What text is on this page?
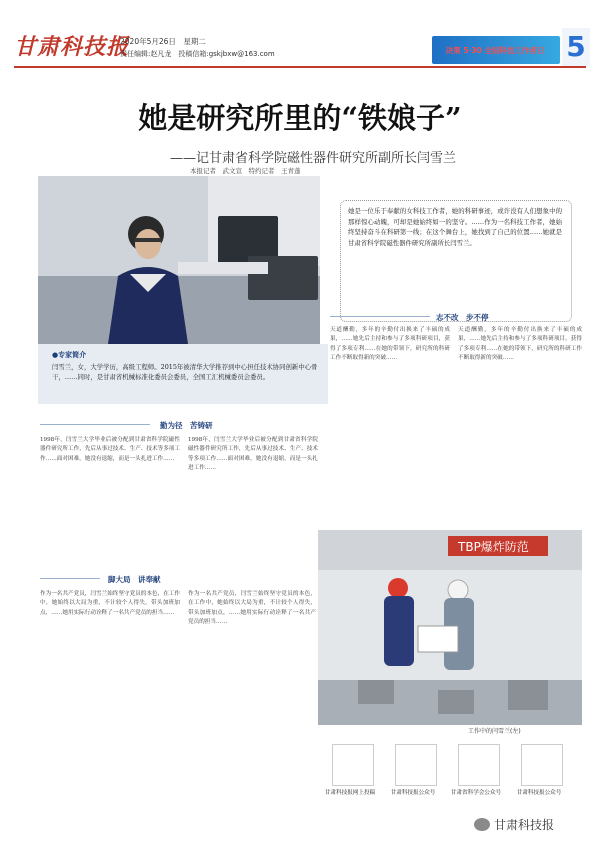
甘肃科技报
2020年5月26日　星期二
责任编辑:赵凡龙　投稿信箱:gskjbxw@163.com	决策 5·30 全国科技工作者日 5
她是研究所里的“铁娘子”
——记甘肃省科学院磁性器件研究所副所长闫雪兰
本报记者　武文宣　特约记者　王青蓬
她是一位乐于奉献的女科技工作者，她的科研事迹，或许没有人们想象中的那样惊心动魄，可却是她始终如一的坚守。……作为一名科技工作者，她始终坚持奋斗在科研第一线；在这个舞台上，她找到了自己的位置……她就是甘肃省科学院磁性器件研究所副所长闫雪兰。
●专家简介
闫雪兰，女，大学学历，高级工程师。2015年被清华大学推荐到中心担任技术协同创新中心骨干，……同时，是甘肃省机械标准化委员会委员，全国工汇机械委员会委员。
勤为径　苦铸研
1998年，闫雪兰大学毕业后被分配到甘肃省科学院磁性器件研究所工作，先后从事过技术、生产、技术等多项工作……面对困难，她没有退缩，而是一头扎进工作……
1998年，闫雪兰大学毕业后被分配到甘肃省科学院磁性器件研究所工作，先后从事过技术、生产、技术等多项工作……面对困难，她没有退缩，而是一头扎进工作……
脚大局　讲奉献
作为一名共产党员，闫雪兰始终坚守党员的本色，在工作中，她始终以大局为重，不计较个人得失，带头加班加点，……她用实际行动诠释了一名共产党员的担当……
作为一名共产党员，闫雪兰始终坚守党员的本色，在工作中，她始终以大局为重，不计较个人得失，带头加班加点，……她用实际行动诠释了一名共产党员的担当……
志不改　步不停
天道酬勤，多年的辛勤付出换来了丰硕的成果，……她先后主持和参与了多项科研项目，获得了多项专利……在她的带领下，研究所的科研工作不断取得新的突破……
天道酬勤，多年的辛勤付出换来了丰硕的成果，……她先后主持和参与了多项科研项目，获得了多项专利……在她的带领下，研究所的科研工作不断取得新的突破……
TBP爆炸防范
工作中的闫雪兰(左)
甘肃科技报网上投稿	甘肃科技报公众号	甘肃省科学会公众号	甘肃科技报公众号
甘肃科技报
